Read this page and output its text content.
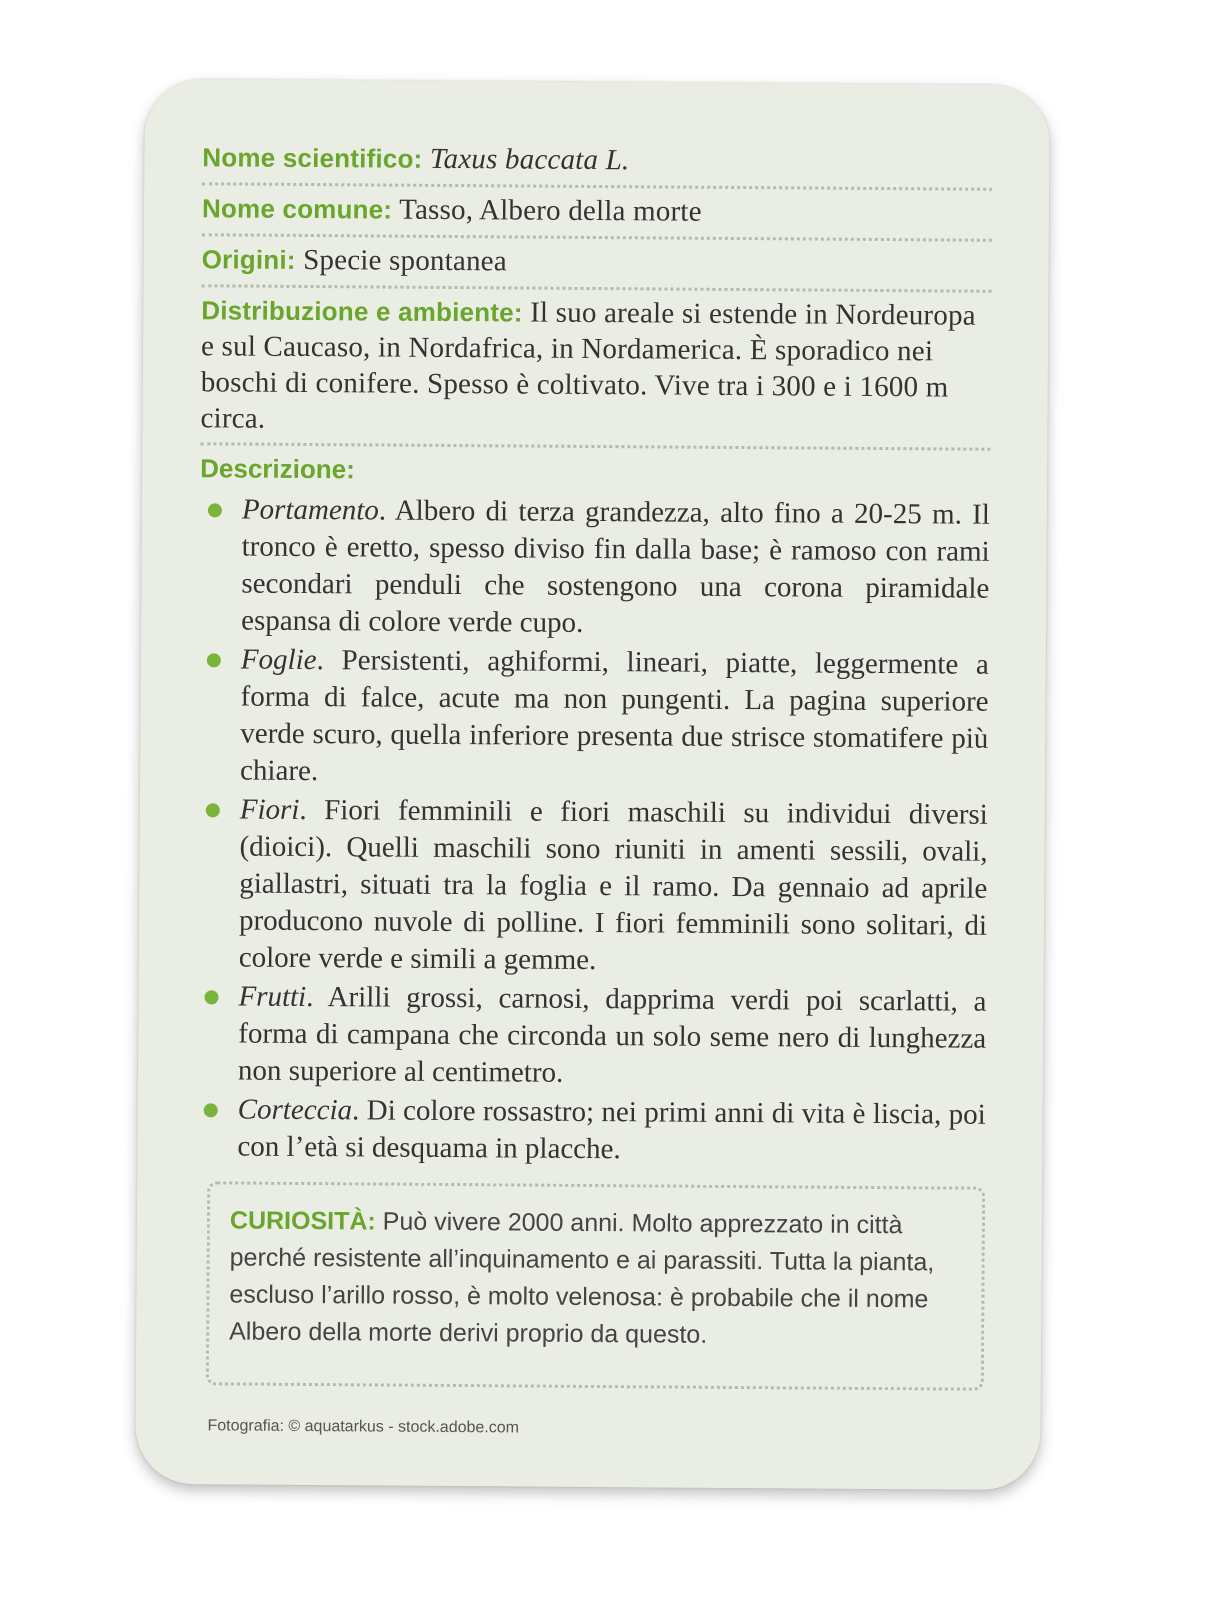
Nome scientifico: Taxus baccata L.
Nome comune: Tasso, Albero della morte
Origini: Specie spontanea
Distribuzione e ambiente: Il suo areale si estende in Nordeuropa e sul Caucaso, in Nordafrica, in Nordamerica. È sporadico nei boschi di conifere. Spesso è coltivato. Vive tra i 300 e i 1600 m circa.
Descrizione:
Portamento. Albero di terza grandezza, alto fino a 20-25 m. Il tronco è eretto, spesso diviso fin dalla base; è ramoso con rami secondari penduli che sostengono una corona piramidale espansa di colore verde cupo.
Foglie. Persistenti, aghiformi, lineari, piatte, leggermente a forma di falce, acute ma non pungenti. La pagina superiore verde scuro, quella inferiore presenta due strisce stomatifere più chiare.
Fiori. Fiori femminili e fiori maschili su individui diversi (dioici). Quelli maschili sono riuniti in amenti sessili, ovali, giallastri, situati tra la foglia e il ramo. Da gennaio ad aprile producono nuvole di polline. I fiori femminili sono solitari, di colore verde e simili a gemme.
Frutti. Arilli grossi, carnosi, dapprima verdi poi scarlatti, a forma di campana che circonda un solo seme nero di lunghezza non superiore al centimetro.
Corteccia. Di colore rossastro; nei primi anni di vita è liscia, poi con l’età si desquama in placche.
CURIOSITÀ: Può vivere 2000 anni. Molto apprezzato in città perché resistente all’inquinamento e ai parassiti. Tutta la pianta, escluso l’arillo rosso, è molto velenosa: è probabile che il nome Albero della morte derivi proprio da questo.
Fotografia: © aquatarkus - stock.adobe.com
